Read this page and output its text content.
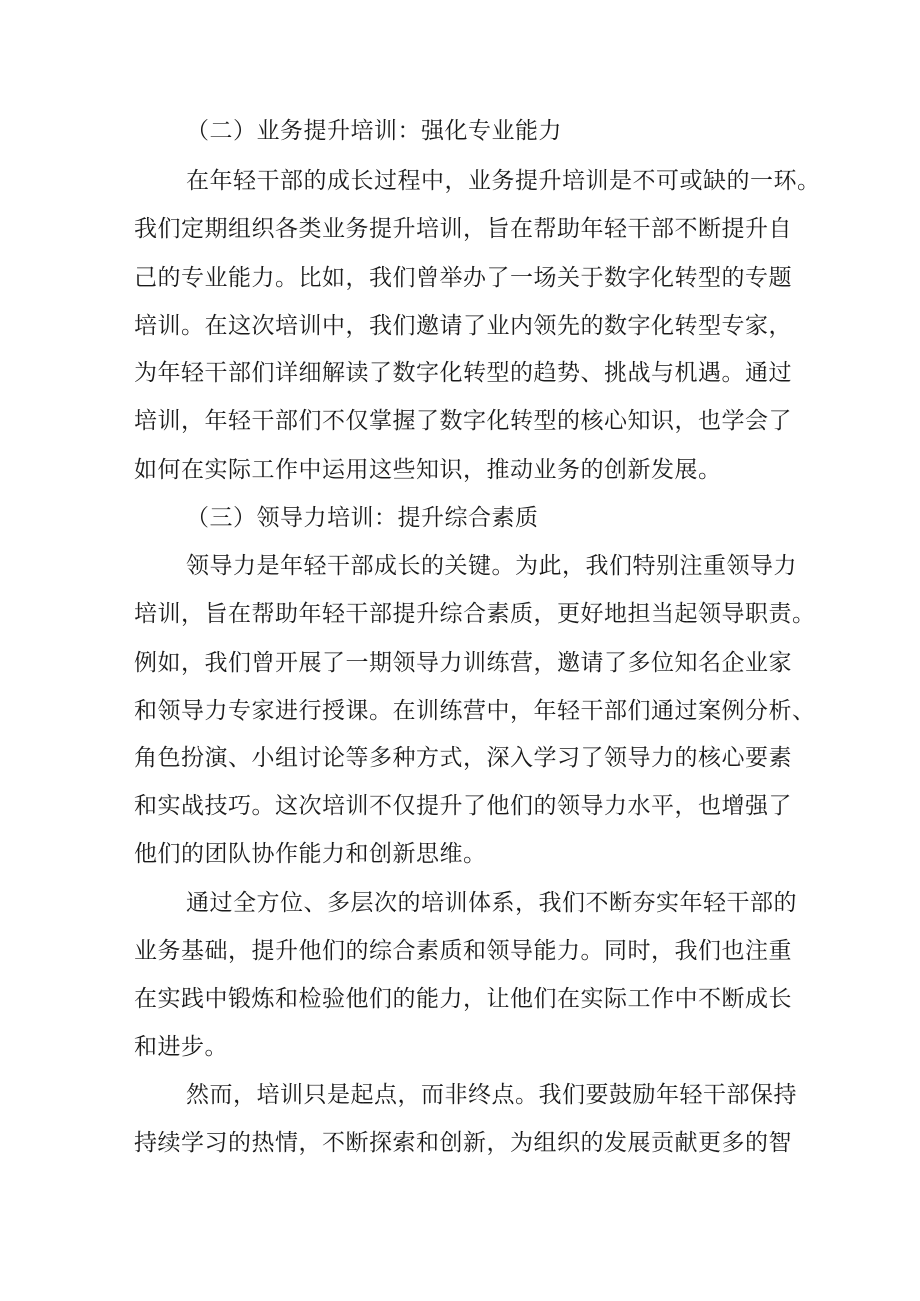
（二）业务提升培训：强化专业能力
在年轻干部的成长过程中，业务提升培训是不可或缺的一环。
我们定期组织各类业务提升培训，旨在帮助年轻干部不断提升自
己的专业能力。比如，我们曾举办了一场关于数字化转型的专题
培训。在这次培训中，我们邀请了业内领先的数字化转型专家，
为年轻干部们详细解读了数字化转型的趋势、挑战与机遇。通过
培训，年轻干部们不仅掌握了数字化转型的核心知识，也学会了
如何在实际工作中运用这些知识，推动业务的创新发展。
（三）领导力培训：提升综合素质
领导力是年轻干部成长的关键。为此，我们特别注重领导力
培训，旨在帮助年轻干部提升综合素质，更好地担当起领导职责。
例如，我们曾开展了一期领导力训练营，邀请了多位知名企业家
和领导力专家进行授课。在训练营中，年轻干部们通过案例分析、
角色扮演、小组讨论等多种方式，深入学习了领导力的核心要素
和实战技巧。这次培训不仅提升了他们的领导力水平，也增强了
他们的团队协作能力和创新思维。
通过全方位、多层次的培训体系，我们不断夯实年轻干部的
业务基础，提升他们的综合素质和领导能力。同时，我们也注重
在实践中锻炼和检验他们的能力，让他们在实际工作中不断成长
和进步。
然而，培训只是起点，而非终点。我们要鼓励年轻干部保持
持续学习的热情，不断探索和创新，为组织的发展贡献更多的智
